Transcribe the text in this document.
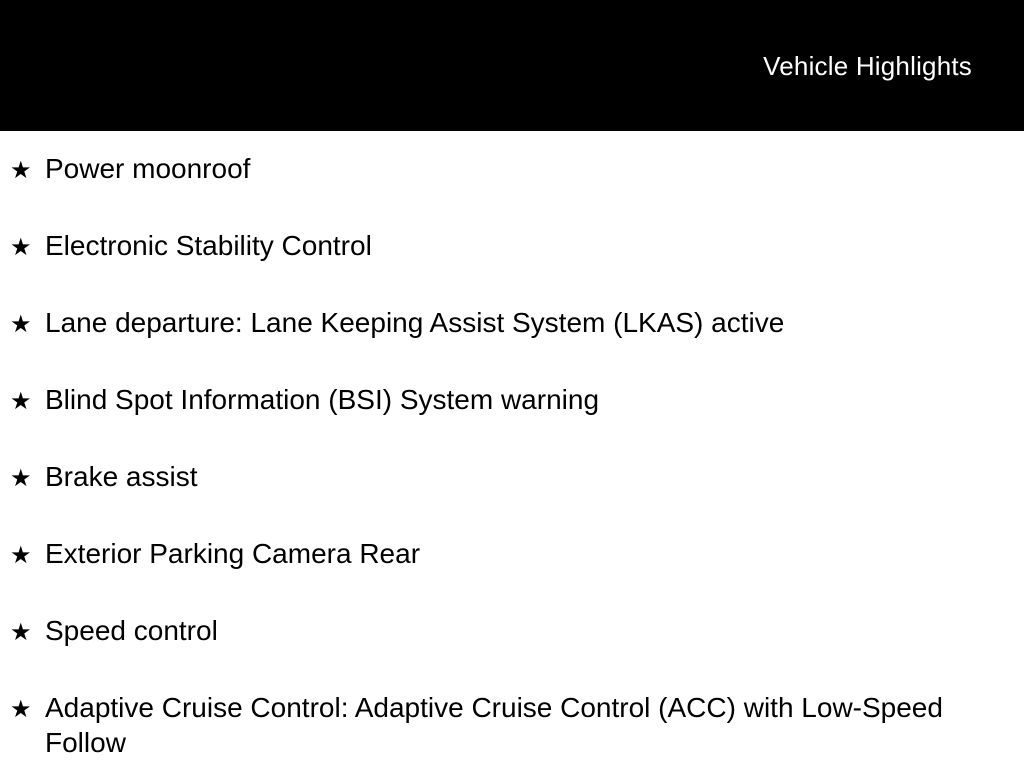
Vehicle Highlights
★ Power moonroof
★ Electronic Stability Control
★ Lane departure: Lane Keeping Assist System (LKAS) active
★ Blind Spot Information (BSI) System warning
★ Brake assist
★ Exterior Parking Camera Rear
★ Speed control
★ Adaptive Cruise Control: Adaptive Cruise Control (ACC) with Low-Speed Follow
